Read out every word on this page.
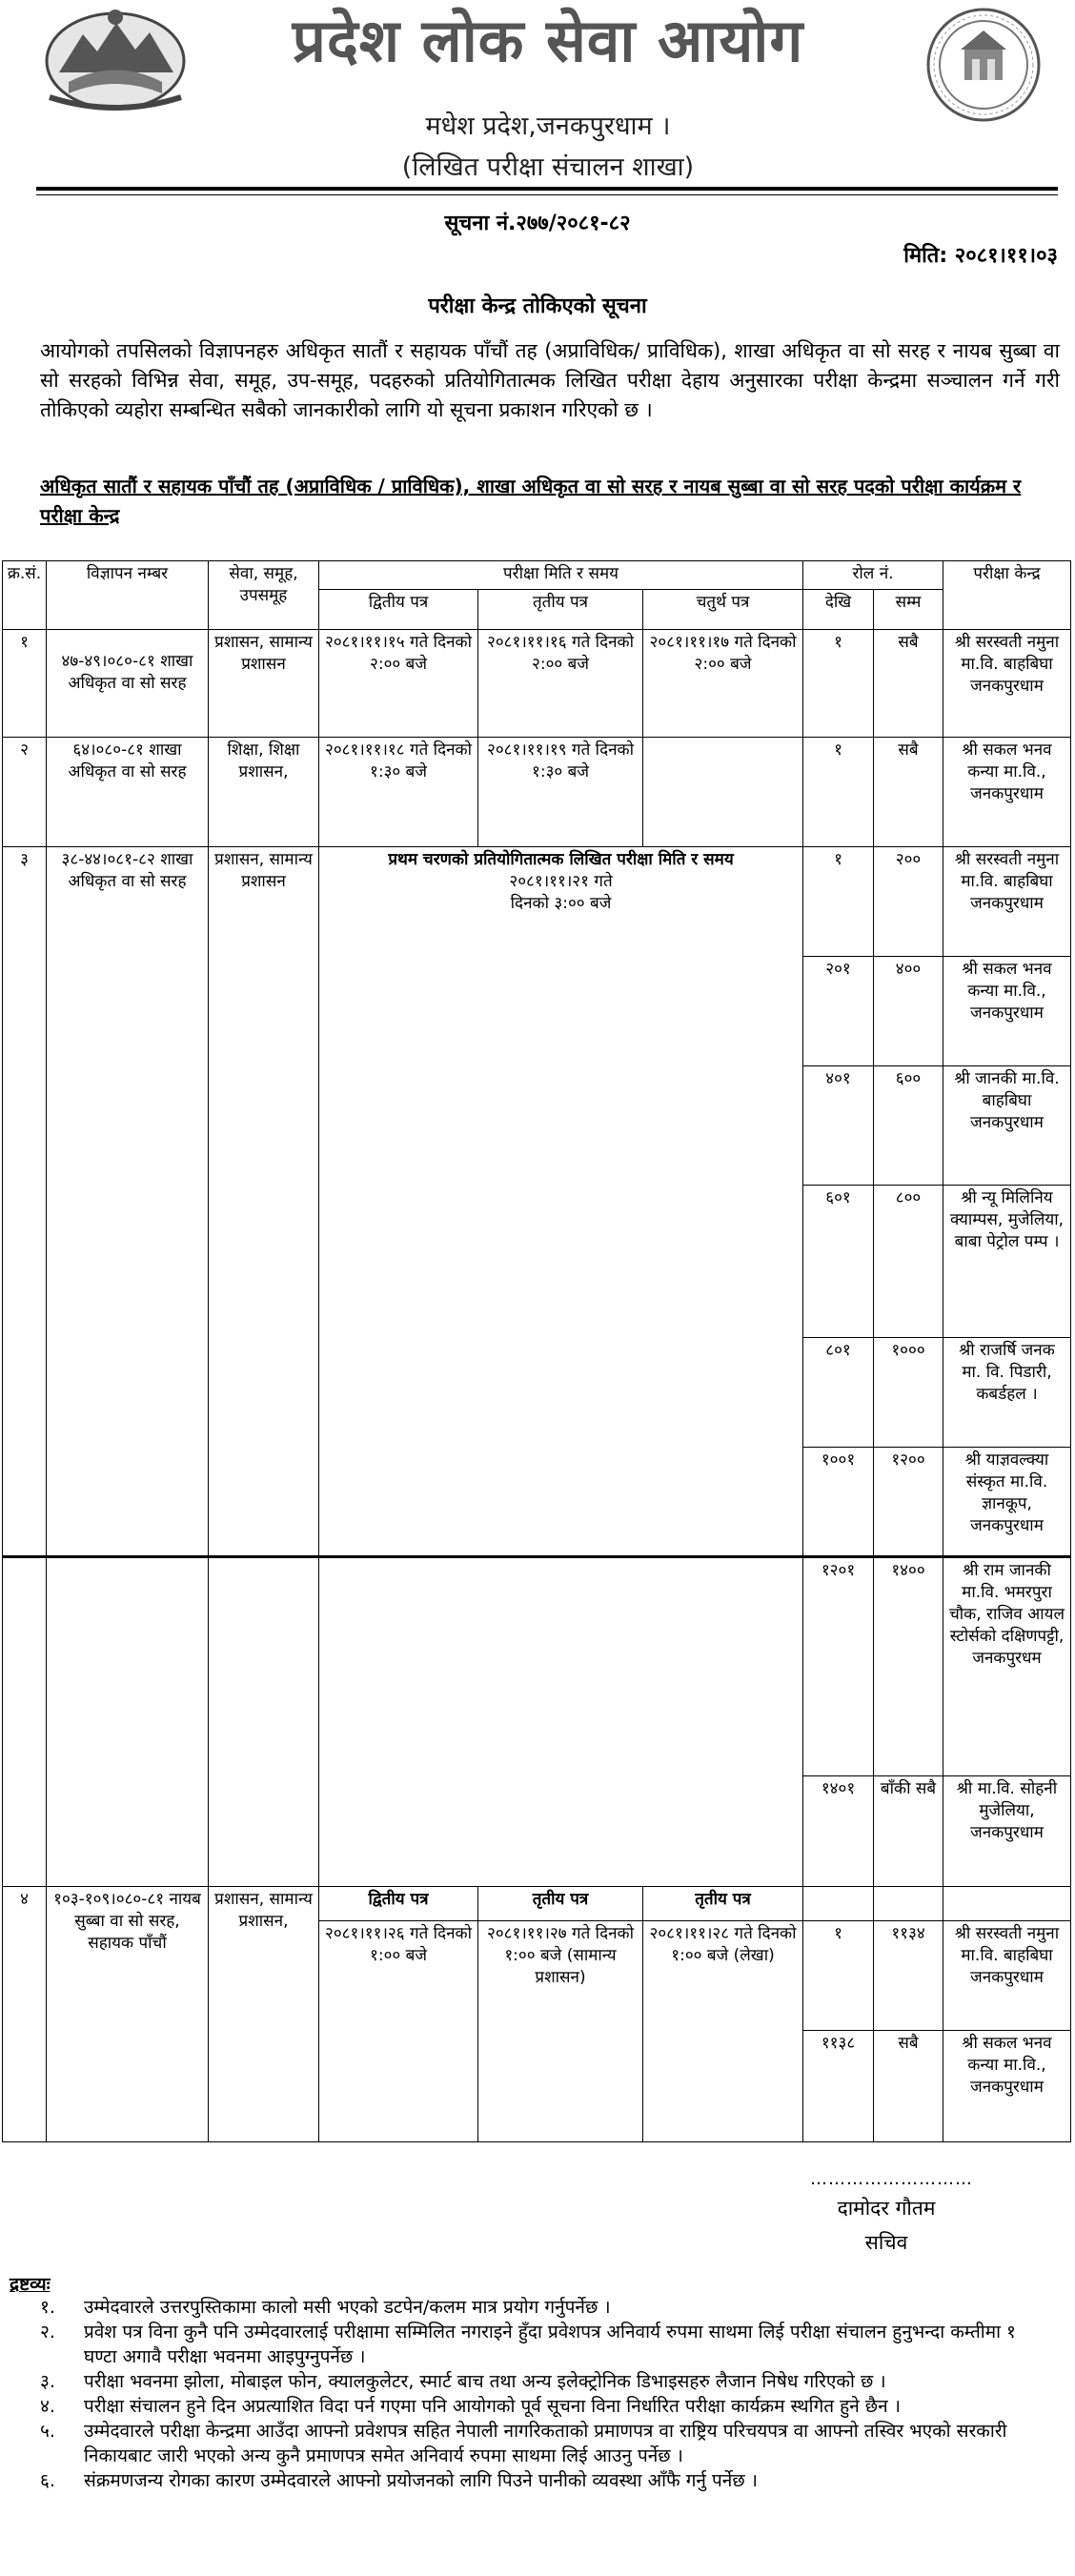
प्रदेश लोक सेवा आयोग
मधेश प्रदेश,जनकपुरधाम ।
(लिखित परीक्षा संचालन शाखा)
सूचना नं.२७७/२०८१-८२
मिति: २०८१।११।०३
परीक्षा केन्द्र तोकिएको सूचना
आयोगको तपसिलको विज्ञापनहरु अधिकृत सातौं र सहायक पाँचौं तह (अप्राविधिक/ प्राविधिक), शाखा अधिकृत वा सो सरह र नायब सुब्बा वा सो सरहको विभिन्न सेवा, समूह, उप-समूह, पदहरुको प्रतियोगितात्मक लिखित परीक्षा देहाय अनुसारका परीक्षा केन्द्रमा सञ्चालन गर्ने गरी तोकिएको व्यहोरा सम्बन्धित सबैको जानकारीको लागि यो सूचना प्रकाशन गरिएको छ ।
अधिकृत सातौं र सहायक पाँचौं तह (अप्राविधिक / प्राविधिक), शाखा अधिकृत वा सो सरह र नायब सुब्बा वा सो सरह पदको परीक्षा कार्यक्रम र परीक्षा केन्द्र
क्र.सं.	विज्ञापन नम्बर	सेवा, समूह, उपसमूह	परीक्षा मिति र समय			रोल नं.		परीक्षा केन्द्र
			द्वितीय पत्र	तृतीय पत्र	चतुर्थ पत्र	देखि	सम्म	
१	४७-४९।०८०-८१ शाखा अधिकृत वा सो सरह	प्रशासन, सामान्य प्रशासन	२०८१।११।१५ गते दिनको २:०० बजे	२०८१।११।१६ गते दिनको २:०० बजे	२०८१।११।१७ गते दिनको २:०० बजे	१	सबै	श्री सरस्वती नमुना मा.वि. बाहबिघा जनकपुरधाम
२	६४।०८०-८१ शाखा अधिकृत वा सो सरह	शिक्षा, शिक्षा प्रशासन,	२०८१।११।१८ गते दिनको १:३० बजे	२०८१।११।१९ गते दिनको १:३० बजे		१	सबै	श्री सकल भनव कन्या मा.वि., जनकपुरधाम
३	३८-४४।०८१-८२ शाखा अधिकृत वा सो सरह	प्रशासन, सामान्य प्रशासन	प्रथम चरणको प्रतियोगितात्मक लिखित परीक्षा मिति र समय
२०८१।११।२१ गते
दिनको ३:०० बजे			१	२००	श्री सरस्वती नमुना मा.वि. बाहबिघा जनकपुरधाम
						२०१	४००	श्री सकल भनव कन्या मा.वि., जनकपुरधाम
						४०१	६००	श्री जानकी मा.वि. बाहबिघा जनकपुरधाम
						६०१	८००	श्री न्यू मिलिनिय क्याम्पस, मुजेलिया, बाबा पेट्रोल पम्प ।
						८०१	१०००	श्री राजर्षि जनक मा. वि. पिडारी, कबर्डहल ।
						१००१	१२००	श्री याज्ञवल्क्या संस्कृत मा.वि. ज्ञानकूप, जनकपुरधाम
						१२०१	१४००	श्री राम जानकी मा.वि. भमरपुरा चौक, राजिव आयल स्टोर्सको दक्षिणपट्टी, जनकपुरधम
						१४०१	बाँकी सबै	श्री मा.वि. सोहनी मुजेलिया, जनकपुरधाम
४	१०३-१०९।०८०-८१ नायब सुब्बा वा सो सरह, सहायक पाँचौं	प्रशासन, सामान्य प्रशासन,	द्वितीय पत्र	तृतीय पत्र	तृतीय पत्र			
			२०८१।११।२६ गते दिनको १:०० बजे	२०८१।११।२७ गते दिनको १:०० बजे (सामान्य प्रशासन)	२०८१।११।२८ गते दिनको १:०० बजे (लेखा)	१	११३४	श्री सरस्वती नमुना मा.वि. बाहबिघा जनकपुरधाम
						११३८	सबै	श्री सकल भनव कन्या मा.वि., जनकपुरधाम
………………………
दामोदर गौतम
सचिव
द्रष्टव्यः
१.	उम्मेदवारले उत्तरपुस्तिकामा कालो मसी भएको डटपेन/कलम मात्र प्रयोग गर्नुपर्नेछ ।
२.	प्रवेश पत्र विना कुनै पनि उम्मेदवारलाई परीक्षामा सम्मिलित नगराइने हुँदा प्रवेशपत्र अनिवार्य रुपमा साथमा लिई परीक्षा संचालन हुनुभन्दा कम्तीमा १ घण्टा अगावै परीक्षा भवनमा आइपुग्नुपर्नेछ ।
३.	परीक्षा भवनमा झोला, मोबाइल फोन, क्यालकुलेटर, स्मार्ट बाच तथा अन्य इलेक्ट्रोनिक डिभाइसहरु लैजान निषेध गरिएको छ ।
४.	परीक्षा संचालन हुने दिन अप्रत्याशित विदा पर्न गएमा पनि आयोगको पूर्व सूचना विना निर्धारित परीक्षा कार्यक्रम स्थगित हुने छैन ।
५.	उम्मेदवारले परीक्षा केन्द्रमा आउँदा आफ्नो प्रवेशपत्र सहित नेपाली नागरिकताको प्रमाणपत्र वा राष्ट्रिय परिचयपत्र वा आफ्नो तस्विर भएको सरकारी निकायबाट जारी भएको अन्य कुनै प्रमाणपत्र समेत अनिवार्य रुपमा साथमा लिई आउनु पर्नेछ ।
६.	संक्रमणजन्य रोगका कारण उम्मेदवारले आफ्नो प्रयोजनको लागि पिउने पानीको व्यवस्था आँफै गर्नु पर्नेछ ।
